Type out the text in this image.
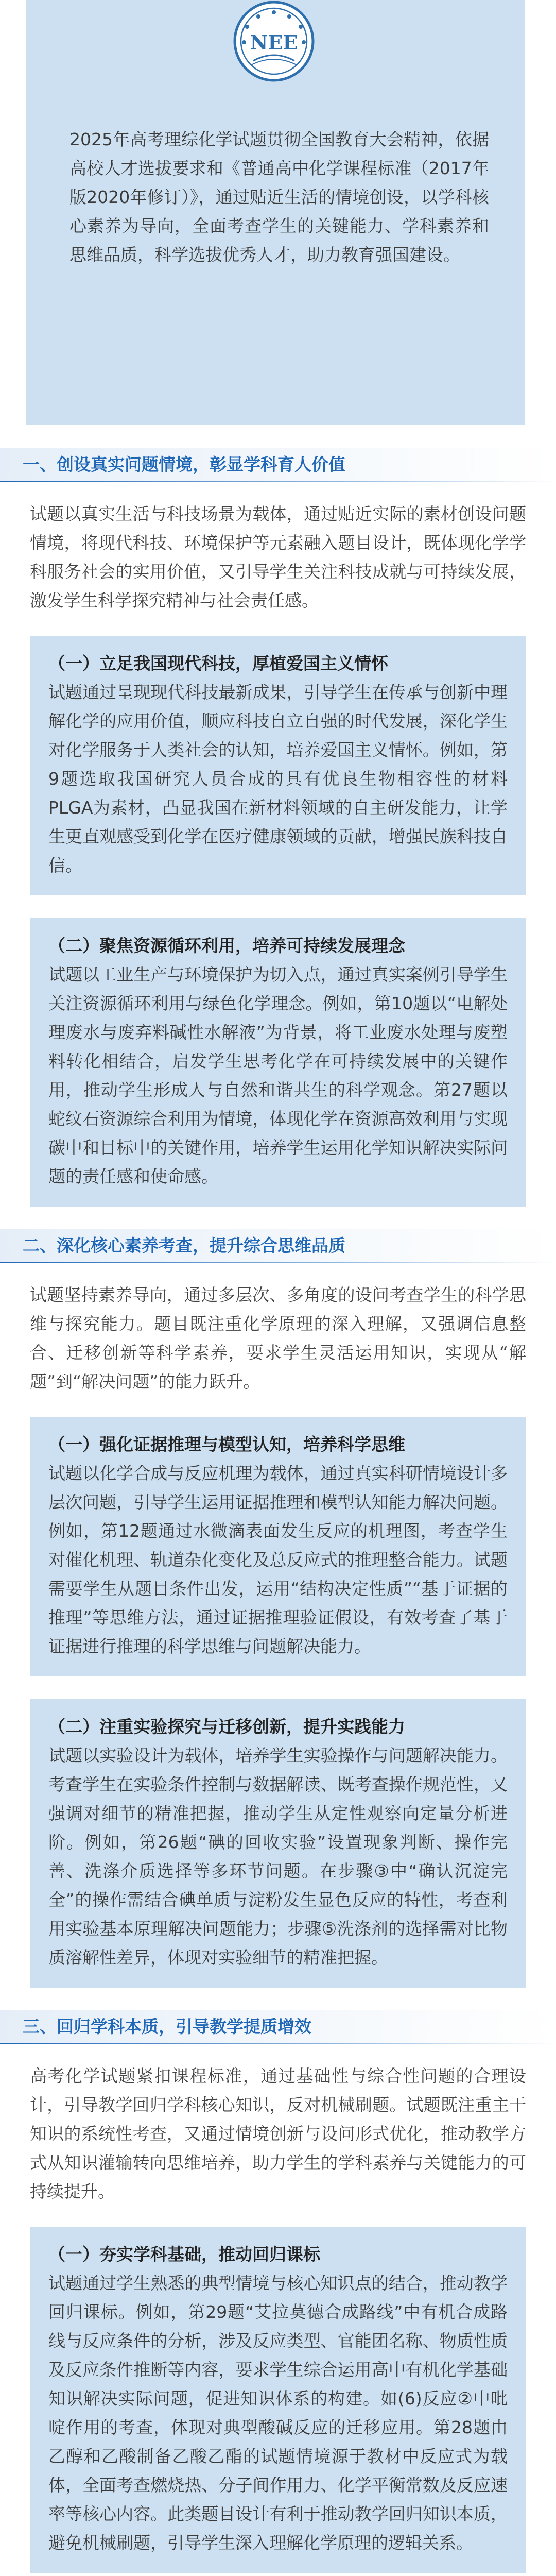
NEE

2025年高考理综化学试题贯彻全国教育大会精神，依据高校人才选拔要求和《普通高中化学课程标准（2017年版2020年修订）》，通过贴近生活的情境创设，以学科核心素养为导向，全面考查学生的关键能力、学科素养和思维品质，科学选拔优秀人才，助力教育强国建设。

一、创设真实问题情境，彰显学科育人价值

试题以真实生活与科技场景为载体，通过贴近实际的素材创设问题情境，将现代科技、环境保护等元素融入题目设计，既体现化学学科服务社会的实用价值，又引导学生关注科技成就与可持续发展，激发学生科学探究精神与社会责任感。

（一）立足我国现代科技，厚植爱国主义情怀

试题通过呈现现代科技最新成果，引导学生在传承与创新中理解化学的应用价值，顺应科技自立自强的时代发展，深化学生对化学服务于人类社会的认知，培养爱国主义情怀。例如，第9题选取我国研究人员合成的具有优良生物相容性的材料PLGA为素材，凸显我国在新材料领域的自主研发能力，让学生更直观感受到化学在医疗健康领域的贡献，增强民族科技自信。

（二）聚焦资源循环利用，培养可持续发展理念

试题以工业生产与环境保护为切入点，通过真实案例引导学生关注资源循环利用与绿色化学理念。例如，第10题以“电解处理废水与废弃料碱性水解液”为背景，将工业废水处理与废塑料转化相结合，启发学生思考化学在可持续发展中的关键作用，推动学生形成人与自然和谐共生的科学观念。第27题以蛇纹石资源综合利用为情境，体现化学在资源高效利用与实现碳中和目标中的关键作用，培养学生运用化学知识解决实际问题的责任感和使命感。

二、深化核心素养考查，提升综合思维品质

试题坚持素养导向，通过多层次、多角度的设问考查学生的科学思维与探究能力。题目既注重化学原理的深入理解，又强调信息整合、迁移创新等科学素养，要求学生灵活运用知识，实现从“解题”到“解决问题”的能力跃升。

（一）强化证据推理与模型认知，培养科学思维

试题以化学合成与反应机理为载体，通过真实科研情境设计多层次问题，引导学生运用证据推理和模型认知能力解决问题。例如，第12题通过水微滴表面发生反应的机理图，考查学生对催化机理、轨道杂化变化及总反应式的推理整合能力。试题需要学生从题目条件出发，运用“结构决定性质”“基于证据的推理”等思维方法，通过证据推理验证假设，有效考查了基于证据进行推理的科学思维与问题解决能力。

（二）注重实验探究与迁移创新，提升实践能力

试题以实验设计为载体，培养学生实验操作与问题解决能力。考查学生在实验条件控制与数据解读、既考查操作规范性，又强调对细节的精准把握，推动学生从定性观察向定量分析进阶。例如，第26题“碘的回收实验”设置现象判断、操作完善、洗涤介质选择等多环节问题。在步骤③中“确认沉淀完全”的操作需结合碘单质与淀粉发生显色反应的特性，考查利用实验基本原理解决问题能力；步骤⑤洗涤剂的选择需对比物质溶解性差异，体现对实验细节的精准把握。

三、回归学科本质，引导教学提质增效

高考化学试题紧扣课程标准，通过基础性与综合性问题的合理设计，引导教学回归学科核心知识，反对机械刷题。试题既注重主干知识的系统性考查，又通过情境创新与设问形式优化，推动教学方式从知识灌输转向思维培养，助力学生的学科素养与关键能力的可持续提升。

（一）夯实学科基础，推动回归课标

试题通过学生熟悉的典型情境与核心知识点的结合，推动教学回归课标。例如，第29题“艾拉莫德合成路线”中有机合成路线与反应条件的分析，涉及反应类型、官能团名称、物质性质及反应条件推断等内容，要求学生综合运用高中有机化学基础知识解决实际问题，促进知识体系的构建。如(6)反应②中吡啶作用的考查，体现对典型酸碱反应的迁移应用。第28题由乙醇和乙酸制备乙酸乙酯的试题情境源于教材中反应式为载体，全面考查燃烧热、分子间作用力、化学平衡常数及反应速率等核心内容。此类题目设计有利于推动教学回归知识本质，避免机械刷题，引导学生深入理解化学原理的逻辑关系。
